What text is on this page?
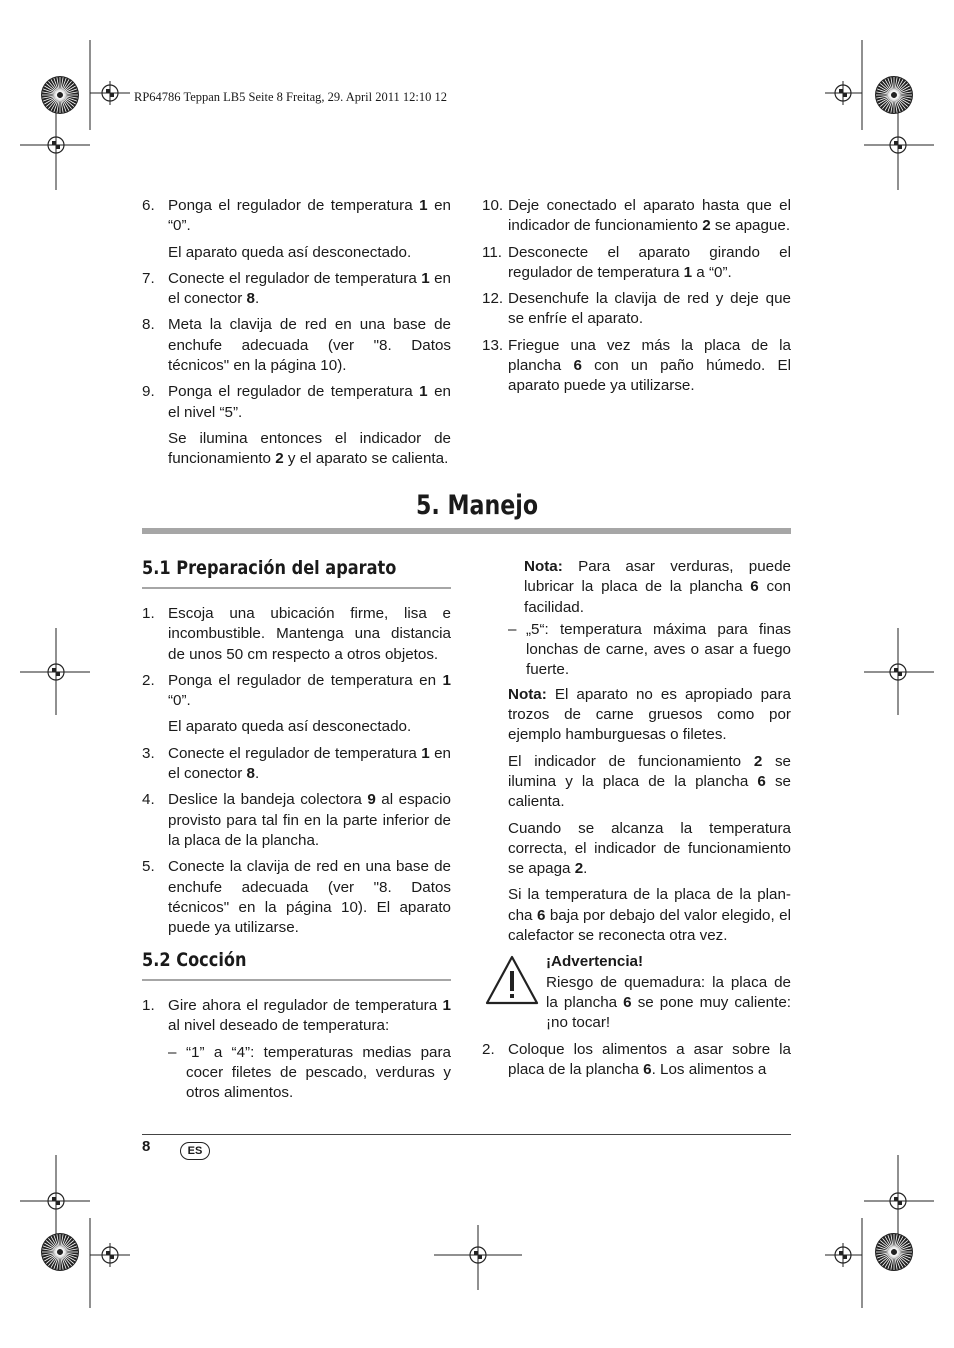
RP64786 Teppan LB5 Seite 8 Freitag, 29. April 2011 12:10 12
6. Ponga el regulador de temperatura 1 en “0”.
El aparato queda así desconectado.
7. Conecte el regulador de temperatura 1 en el conector 8.
8. Meta la clavija de red en una base de enchufe adecuada (ver "8. Datos técnicos" en la página 10).
9. Ponga el regulador de temperatura 1 en el nivel “5”.
Se ilumina entonces el indicador de funcionamiento 2 y el aparato se calienta.
10. Deje conectado el aparato hasta que el indicador de funcionamiento 2 se apague.
11. Desconecte el aparato girando el regulador de temperatura 1 a “0”.
12. Desenchufe la clavija de red y deje que se enfríe el aparato.
13. Friegue una vez más la placa de la plancha 6 con un paño húmedo. El aparato puede ya utilizarse.
5. Manejo
5.1 Preparación del aparato
1. Escoja una ubicación firme, lisa e incombustible. Mantenga una distancia de unos 50 cm respecto a otros objetos.
2. Ponga el regulador de temperatura en 1 “0”.
El aparato queda así desconectado.
3. Conecte el regulador de temperatura 1 en el conector 8.
4. Deslice la bandeja colectora 9 al espacio provisto para tal fin en la parte inferior de la placa de la plancha.
5. Conecte la clavija de red en una base de enchufe adecuada (ver "8. Datos técnicos" en la página 10). El aparato puede ya utilizarse.
5.2 Cocción
1. Gire ahora el regulador de temperatura 1 al nivel deseado de temperatura:
– “1” a “4”: temperaturas medias para cocer filetes de pescado, verduras y otros alimentos.
Nota: Para asar verduras, puede lubricar la placa de la plancha 6 con facilidad.
– „5“: temperatura máxima para finas lonchas de carne, aves o asar a fuego fuerte.
Nota: El aparato no es apropiado para trozos de carne gruesos como por ejemplo hamburguesas o filetes.
El indicador de funcionamiento 2 se ilumina y la placa de la plancha 6 se calienta.
Cuando se alcanza la temperatura correcta, el indicador de funcionamiento se apaga 2.
Si la temperatura de la placa de la plan- cha 6 baja por debajo del valor elegido, el calefactor se reconecta otra vez.
¡Advertencia!
Riesgo de quemadura: la placa de la plancha 6 se pone muy caliente: ¡no tocar!
2. Coloque los alimentos a asar sobre la placa de la plancha 6. Los alimentos a
8	ES
